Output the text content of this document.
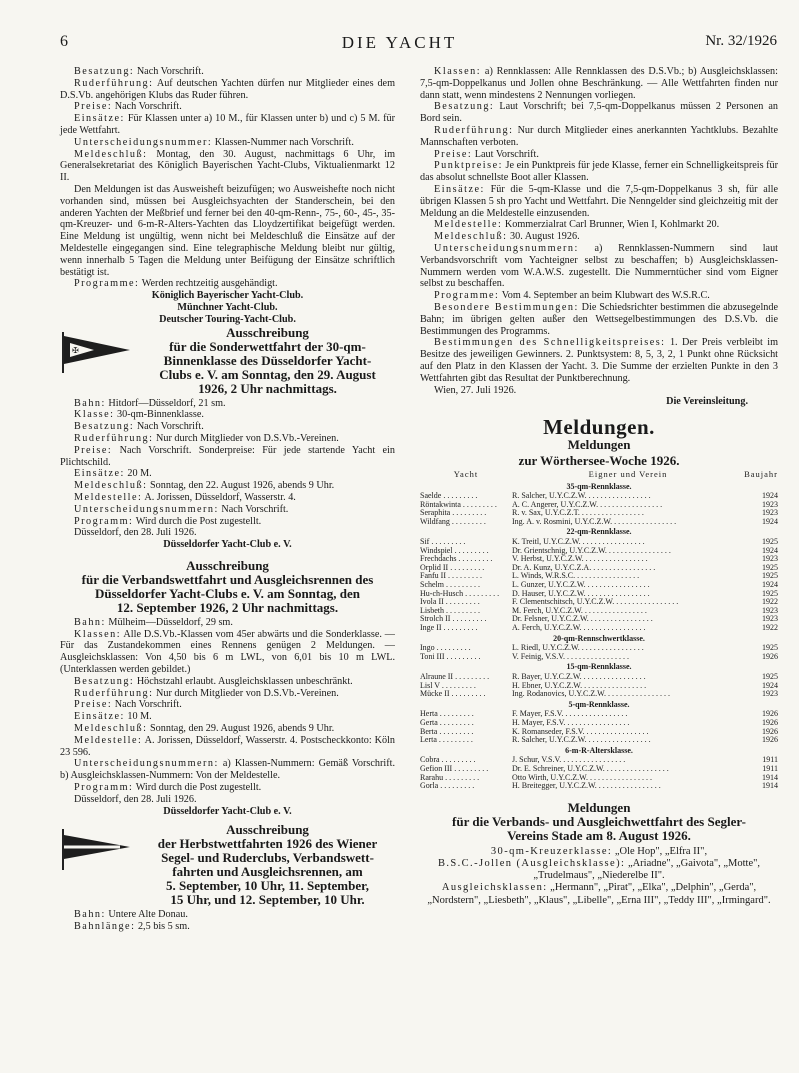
6	DIE YACHT	Nr. 32/1926

Besatzung: Nach Vorschrift.

Ruderführung: Auf deutschen Yachten dürfen nur Mitglieder eines dem D.S.Vb. angehörigen Klubs das Ruder führen.

Preise: Nach Vorschrift.

Einsätze: Für Klassen unter a) 10 M., für Klassen unter b) und c) 5 M. für jede Wettfahrt.

Unterscheidungsnummer: Klassen-Nummer nach Vorschrift.

Meldeschluß: Montag, den 30. August, nachmittags 6 Uhr, im Generalsekretariat des Königlich Bayerischen Yacht-Clubs, Viktualienmarkt 12 II.

Den Meldungen ist das Ausweisheft beizufügen; wo Ausweishefte noch nicht vorhanden sind, müssen bei Ausgleichsyachten der Standerschein, bei den anderen Yachten der Meßbrief und ferner bei den 40-qm-Renn-, 75-, 60-, 45-, 35-qm-Kreuzer- und 6-m-R-Alters-Yachten das Lloydzertifikat beigefügt werden. Eine Meldung ist ungültig, wenn nicht bei Meldeschluß die Einsätze auf der Meldestelle eingegangen sind. Eine telegraphische Meldung bleibt nur gültig, wenn innerhalb 5 Tagen die Meldung unter Beifügung der Einsätze schriftlich bestätigt ist.

Programme: Werden rechtzeitig ausgehändigt.

Königlich Bayerischer Yacht-Club.
Münchner Yacht-Club.
Deutscher Touring-Yacht-Club.
✠
Ausschreibung
für die Sonderwettfahrt der 30-qm-
Binnenklasse des Düsseldorfer Yacht-
Clubs e. V. am Sonntag, den 29. August
1926, 2 Uhr nachmittags.

Bahn: Hitdorf—Düsseldorf, 21 sm.

Klasse: 30-qm-Binnenklasse.

Besatzung: Nach Vorschrift.

Ruderführung: Nur durch Mitglieder von D.S.Vb.-Vereinen.

Preise: Nach Vorschrift. Sonderpreise: Für jede startende Yacht ein Plichtschild.

Einsätze: 20 M.

Meldeschluß: Sonntag, den 22. August 1926, abends 9 Uhr.

Meldestelle: A. Jorissen, Düsseldorf, Wasserstr. 4.

Unterscheidungsnummern: Nach Vorschrift.

Programm: Wird durch die Post zugestellt.

Düsseldorf, den 28. Juli 1926.

Düsseldorfer Yacht-Club e. V.

Ausschreibung
für die Verbandswettfahrt und Ausgleichsrennen des
Düsseldorfer Yacht-Clubs e. V. am Sonntag, den
12. September 1926, 2 Uhr nachmittags.

Bahn: Mülheim—Düsseldorf, 29 sm.

Klassen: Alle D.S.Vb.-Klassen vom 45er abwärts und die Sonderklasse. — Für das Zustandekommen eines Rennens genügen 2 Meldungen. — Ausgleichsklassen: Von 4,50 bis 6 m LWL, von 6,01 bis 10 m LWL. (Unterklassen werden gebildet.)

Besatzung: Höchstzahl erlaubt. Ausgleichsklassen unbeschränkt.

Ruderführung: Nur durch Mitglieder von D.S.Vb.-Vereinen.

Preise: Nach Vorschrift.

Einsätze: 10 M.

Meldeschluß: Sonntag, den 29. August 1926, abends 9 Uhr.

Meldestelle: A. Jorissen, Düsseldorf, Wasserstr. 4. Postscheckkonto: Köln 23 596.

Unterscheidungsnummern: a) Klassen-Nummern: Gemäß Vorschrift. b) Ausgleichsklassen-Nummern: Von der Meldestelle.

Programm: Wird durch die Post zugestellt.

Düsseldorf, den 28. Juli 1926.

Düsseldorfer Yacht-Club e. V.

Ausschreibung
der Herbstwettfahrten 1926 des Wiener
Segel- und Ruderclubs, Verbandswett-
fahrten und Ausgleichsrennen, am
5. September, 10 Uhr, 11. September,
15 Uhr, und 12. September, 10 Uhr.

Bahn: Untere Alte Donau.

Bahnlänge: 2,5 bis 5 sm.

Klassen: a) Rennklassen: Alle Rennklassen des D.S.Vb.; b) Ausgleichsklassen: 7,5-qm-Doppelkanus und Jollen ohne Beschränkung. — Alle Wettfahrten finden nur dann statt, wenn mindestens 2 Nennungen vorliegen.

Besatzung: Laut Vorschrift; bei 7,5-qm-Doppelkanus müssen 2 Personen an Bord sein.

Ruderführung: Nur durch Mitglieder eines anerkannten Yachtklubs. Bezahlte Mannschaften verboten.

Preise: Laut Vorschrift.

Punktpreise: Je ein Punktpreis für jede Klasse, ferner ein Schnelligkeitspreis für das absolut schnellste Boot aller Klassen.

Einsätze: Für die 5-qm-Klasse und die 7,5-qm-Doppelkanus 3 sh, für alle übrigen Klassen 5 sh pro Yacht und Wettfahrt. Die Nenngelder sind gleichzeitig mit der Meldung an die Meldestelle einzusenden.

Meldestelle: Kommerzialrat Carl Brunner, Wien I, Kohlmarkt 20.

Meldeschluß: 30. August 1926.

Unterscheidungsnummern: a) Rennklassen-Nummern sind laut Verbandsvorschrift vom Yachteigner selbst zu beschaffen; b) Ausgleichsklassen-Nummern werden vom W.A.W.S. zugestellt. Die Nummerntücher sind vom Eigner selbst zu beschaffen.

Programme: Vom 4. September an beim Klubwart des W.S.R.C.

Besondere Bestimmungen: Die Schiedsrichter bestimmen die abzusegelnde Bahn; im übrigen gelten außer den Wettsegelbestimmungen des D.S.Vb. die Bestimmungen des Programms.

Bestimmungen des Schnelligkeitspreises: 1. Der Preis verbleibt im Besitze des jeweiligen Gewinners. 2. Punktsystem: 8, 5, 3, 2, 1 Punkt ohne Rücksicht auf den Platz in den Klassen der Yacht. 3. Die Summe der erzielten Punkte in den 3 Wettfahrten gibt das Resultat der Punktberechnung.

Wien, 27. Juli 1926.

Die Vereinsleitung.

Meldungen.
Meldungen
zur Wörthersee-Woche 1926.
Yacht	Eigner und Verein	Baujahr
35-qm-Rennklasse.		
Saelde . . . . . . . . .	R. Salcher, U.Y.C.Z.W. . . . . . . . . . . . . . . . .	1924
Röntakwinta . . . . . . . . .	A. C. Angerer, U.Y.C.Z.W. . . . . . . . . . . . . . . . .	1923
Seraphita . . . . . . . . .	R. v. Sax, U.Y.C.Z.T. . . . . . . . . . . . . . . . .	1923
Wildfang . . . . . . . . .	Ing. A. v. Rosmini, U.Y.C.Z.W. . . . . . . . . . . . . . . . .	1924
22-qm-Rennklasse.		
Sif . . . . . . . . .	K. Treitl, U.Y.C.Z.W. . . . . . . . . . . . . . . . .	1925
Windspiel . . . . . . . . .	Dr. Grientschnig, U.Y.C.Z.W. . . . . . . . . . . . . . . . .	1924
Frechdachs . . . . . . . . .	V. Herbst, U.Y.C.Z.W. . . . . . . . . . . . . . . . .	1923
Orplid II . . . . . . . . .	Dr. A. Kunz, U.Y.C.Z.A. . . . . . . . . . . . . . . . .	1925
Fanfu II . . . . . . . . .	L. Winds, W.R.S.C. . . . . . . . . . . . . . . . .	1925
Schelm . . . . . . . . .	L. Gunzer, U.Y.C.Z.W. . . . . . . . . . . . . . . . .	1924
Hu-ch-Husch . . . . . . . . .	D. Hauser, U.Y.C.Z.W. . . . . . . . . . . . . . . . .	1925
Ivola II . . . . . . . . .	F. Clementschitsch, U.Y.C.Z.W. . . . . . . . . . . . . . . . .	1922
Lisbeth . . . . . . . . .	M. Ferch, U.Y.C.Z.W. . . . . . . . . . . . . . . . .	1923
Strolch II . . . . . . . . .	Dr. Felsner, U.Y.C.Z.W. . . . . . . . . . . . . . . . .	1923
Inge II . . . . . . . . .	A. Ferch, U.Y.C.Z.W. . . . . . . . . . . . . . . . .	1922
20-qm-Rennschwertklasse.		
Ingo . . . . . . . . .	L. Riedl, U.Y.C.Z.W. . . . . . . . . . . . . . . . .	1925
Toni III . . . . . . . . .	V. Feinig, V.S.V. . . . . . . . . . . . . . . . .	1926
15-qm-Rennklasse.		
Alraune II . . . . . . . . .	R. Bayer, U.Y.C.Z.W. . . . . . . . . . . . . . . . .	1925
Lisl V . . . . . . . . .	H. Ebner, U.Y.C.Z.W. . . . . . . . . . . . . . . . .	1924
Mücke II . . . . . . . . .	Ing. Rodanovics, U.Y.C.Z.W. . . . . . . . . . . . . . . . .	1923
5-qm-Rennklasse.		
Herta . . . . . . . . .	F. Mayer, F.S.V. . . . . . . . . . . . . . . . .	1926
Gerta . . . . . . . . .	H. Mayer, F.S.V. . . . . . . . . . . . . . . . .	1926
Berta . . . . . . . . .	K. Romanseder, F.S.V. . . . . . . . . . . . . . . . .	1926
Lerta . . . . . . . . .	R. Salcher, U.Y.C.Z.W. . . . . . . . . . . . . . . . .	1926
6-m-R-Altersklasse.		
Cobra . . . . . . . . .	J. Schur, V.S.V. . . . . . . . . . . . . . . . .	1911
Gefion III . . . . . . . . .	Dr. E. Schreiner, U.Y.C.Z.W. . . . . . . . . . . . . . . . .	1911
Rarahu . . . . . . . . .	Otto Wirth, U.Y.C.Z.W. . . . . . . . . . . . . . . . .	1914
Gorla . . . . . . . . .	H. Breitegger, U.Y.C.Z.W. . . . . . . . . . . . . . . . .	1914
Meldungen
für die Verbands- und Ausgleichwettfahrt des Segler-
Vereins Stade am 8. August 1926.
30-qm-Kreuzerklasse: „Ole Hop", „Elfra II",
B.S.C.-Jollen (Ausgleichsklasse): „Ariadne", „Gaivota", „Motte", „Trudelmaus", „Niederelbe II".
Ausgleichsklassen: „Hermann", „Pirat", „Elka", „Delphin", „Gerda", „Nordstern", „Liesbeth", „Klaus", „Libelle", „Erna III", „Teddy III", „Irmingard".
